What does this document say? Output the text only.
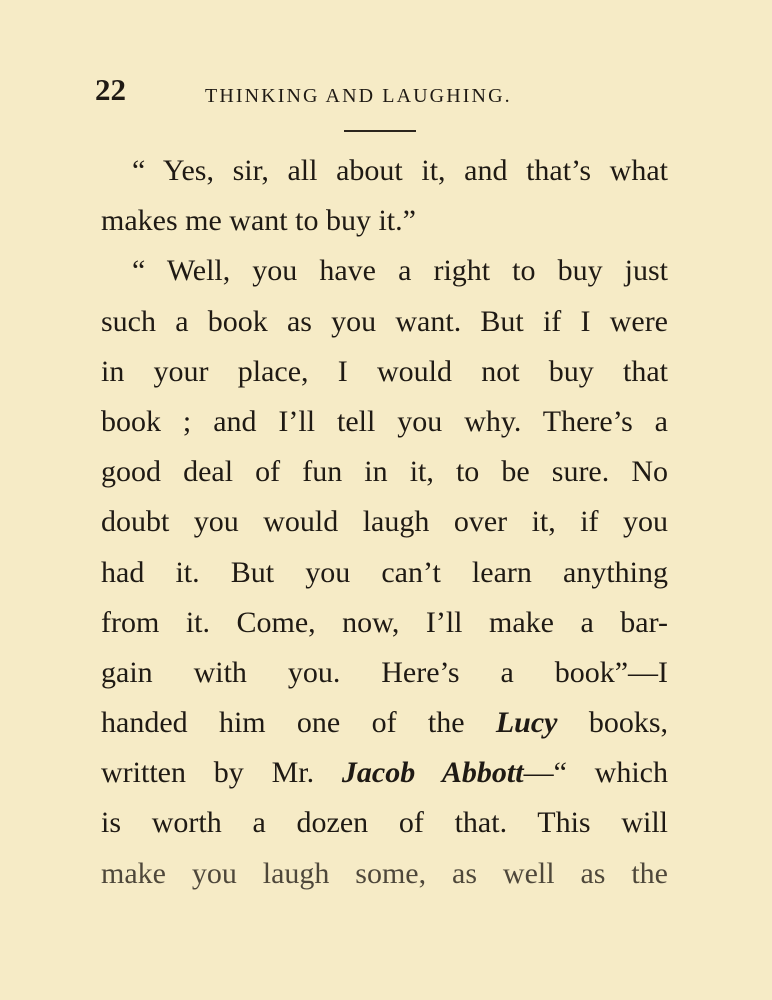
22	THINKING AND LAUGHING.
“ Yes, sir, all about it, and that’s what
makes me want to buy it.”
“ Well, you have a right to buy just
such a book as you want. But if I were
in your place, I would not buy that
book ; and I’ll tell you why. There’s a
good deal of fun in it, to be sure. No
doubt you would laugh over it, if you
had it. But you can’t learn anything
from it. Come, now, I’ll make a bar-
gain with you. Here’s a book”—I
handed him one of the Lucy books,
written by Mr. Jacob Abbott—“ which
is worth a dozen of that. This will
make you laugh some, as well as the
